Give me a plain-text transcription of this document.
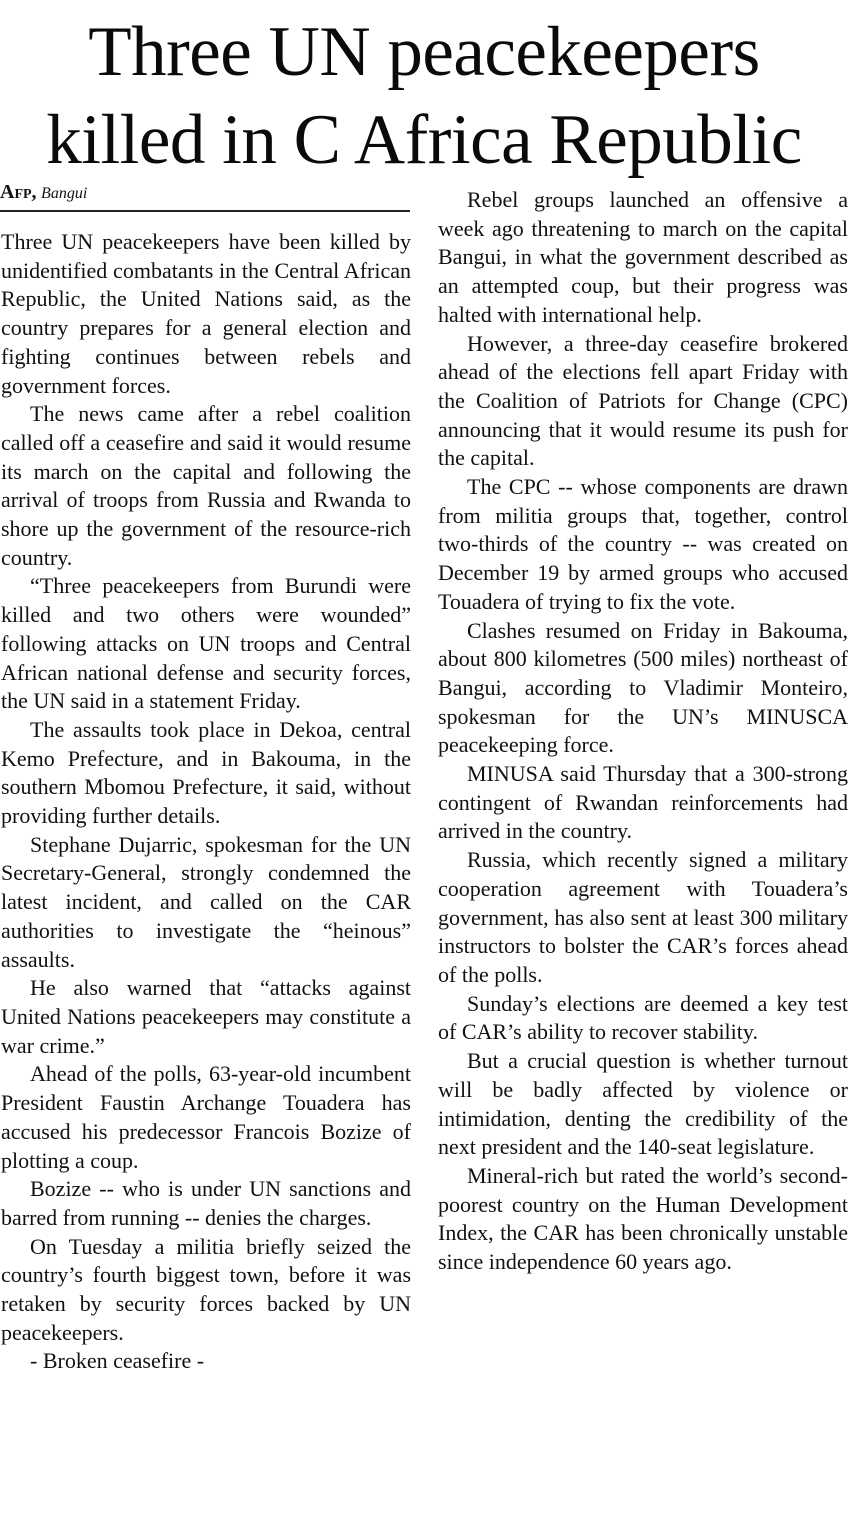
Three UN peacekeepers
killed in C Africa Republic
Afp, Bangui

Three UN peacekeepers have been killed by unidentified combatants in the Central African Republic, the United Nations said, as the country prepares for a general election and fighting continues between rebels and government forces.

The news came after a rebel coalition called off a ceasefire and said it would resume its march on the capital and following the arrival of troops from Russia and Rwanda to shore up the government of the resource-rich country.

“Three peacekeepers from Burundi were killed and two others were wounded” following attacks on UN troops and Central African national defense and security forces, the UN said in a statement Friday.

The assaults took place in Dekoa, central Kemo Prefecture, and in Bakouma, in the southern Mbomou Prefecture, it said, without providing further details.

Stephane Dujarric, spokesman for the UN Secretary-General, strongly condemned the latest incident, and called on the CAR authorities to investigate the “heinous” assaults.

He also warned that “attacks against United Nations peacekeepers may constitute a war crime.”

Ahead of the polls, 63-year-old incumbent President Faustin Archange Touadera has accused his predecessor Francois Bozize of plotting a coup.

Bozize -- who is under UN sanctions and barred from running -- denies the charges.

On Tuesday a militia briefly seized the country’s fourth biggest town, before it was retaken by security forces backed by UN peacekeepers.

- Broken ceasefire -

Rebel groups launched an offensive a week ago threatening to march on the capital Bangui, in what the government described as an attempted coup, but their progress was halted with international help.

However, a three-day ceasefire brokered ahead of the elections fell apart Friday with the Coalition of Patriots for Change (CPC) announcing that it would resume its push for the capital.

The CPC -- whose components are drawn from militia groups that, together, control two-thirds of the country -- was created on December 19 by armed groups who accused Touadera of trying to fix the vote.

Clashes resumed on Friday in Bakouma, about 800 kilometres (500 miles) northeast of Bangui, according to Vladimir Monteiro, spokesman for the UN’s MINUSCA peacekeeping force.

MINUSA said Thursday that a 300-strong contingent of Rwandan reinforcements had arrived in the country.

Russia, which recently signed a military cooperation agreement with Touadera’s government, has also sent at least 300 military instructors to bolster the CAR’s forces ahead of the polls.

Sunday’s elections are deemed a key test of CAR’s ability to recover stability.

But a crucial question is whether turnout will be badly affected by violence or intimidation, denting the credibility of the next president and the 140-seat legislature.

Mineral-rich but rated the world’s second-poorest country on the Human Development Index, the CAR has been chronically unstable since independence 60 years ago.
